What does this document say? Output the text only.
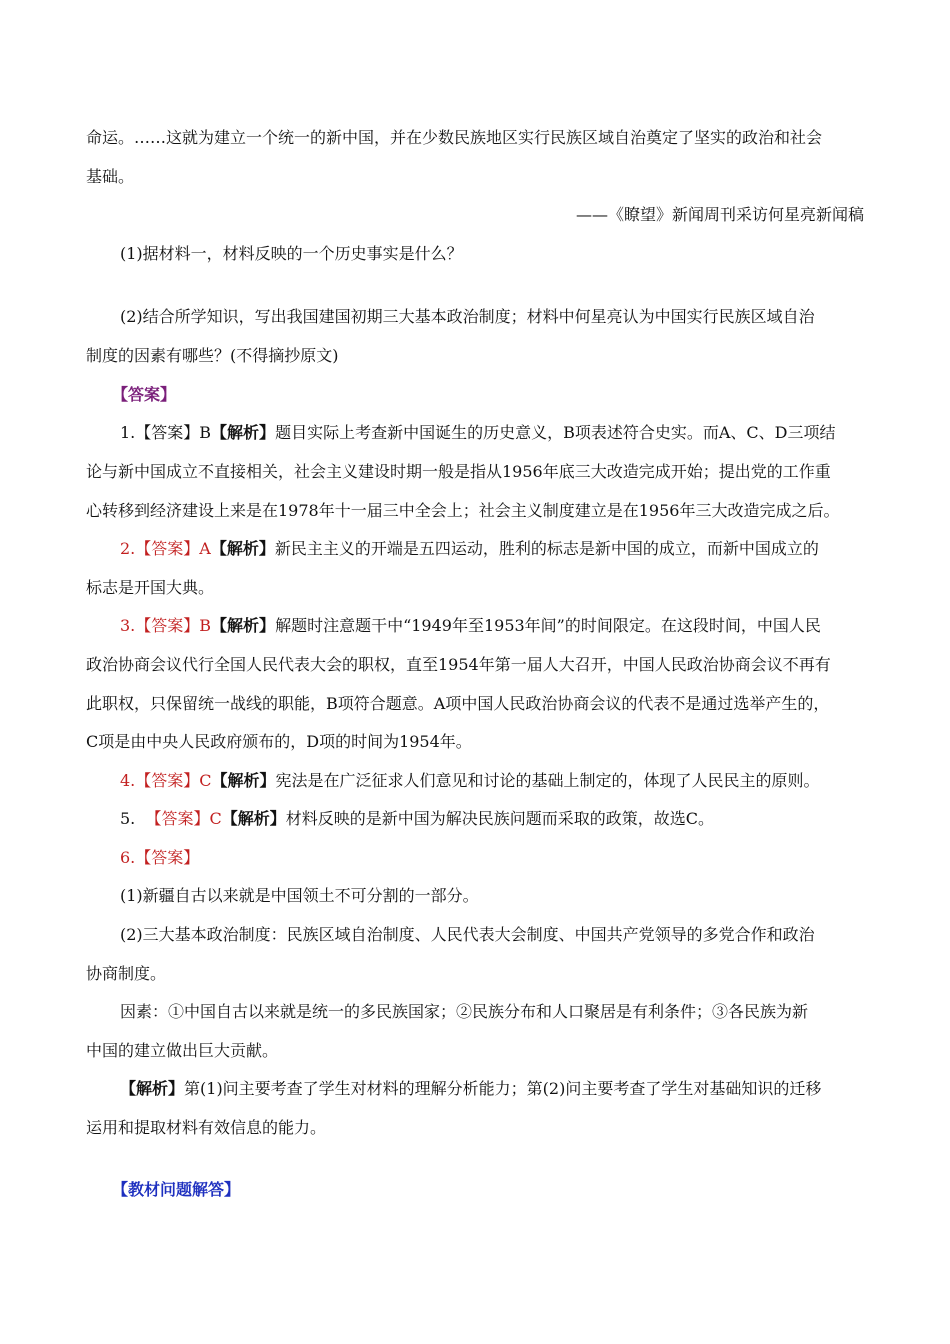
命运。……这就为建立一个统一的新中国，并在少数民族地区实行民族区域自治奠定了坚实的政治和社会
基础。
——《瞭望》新闻周刊采访何星亮新闻稿
(1)据材料一，材料反映的一个历史事实是什么？
(2)结合所学知识，写出我国建国初期三大基本政治制度；材料中何星亮认为中国实行民族区域自治
制度的因素有哪些？(不得摘抄原文)
【答案】
1.【答案】B【解析】题目实际上考查新中国诞生的历史意义，B项表述符合史实。而A、C、D三项结
论与新中国成立不直接相关，社会主义建设时期一般是指从1956年底三大改造完成开始；提出党的工作重
心转移到经济建设上来是在1978年十一届三中全会上；社会主义制度建立是在1956年三大改造完成之后。
2.【答案】A【解析】新民主主义的开端是五四运动，胜利的标志是新中国的成立，而新中国成立的
标志是开国大典。
3.【答案】B【解析】解题时注意题干中“1949年至1953年间”的时间限定。在这段时间，中国人民
政治协商会议代行全国人民代表大会的职权，直至1954年第一届人大召开，中国人民政治协商会议不再有
此职权，只保留统一战线的职能，B项符合题意。A项中国人民政治协商会议的代表不是通过选举产生的，
C项是由中央人民政府颁布的，D项的时间为1954年。
4.【答案】C【解析】宪法是在广泛征求人们意见和讨论的基础上制定的，体现了人民民主的原则。
5. 【答案】C【解析】材料反映的是新中国为解决民族问题而采取的政策，故选C。
6.【答案】
(1)新疆自古以来就是中国领土不可分割的一部分。
(2)三大基本政治制度：民族区域自治制度、人民代表大会制度、中国共产党领导的多党合作和政治
协商制度。
因素：①中国自古以来就是统一的多民族国家；②民族分布和人口聚居是有利条件；③各民族为新
中国的建立做出巨大贡献。
【解析】第(1)问主要考查了学生对材料的理解分析能力；第(2)问主要考查了学生对基础知识的迁移
运用和提取材料有效信息的能力。
【教材问题解答】
